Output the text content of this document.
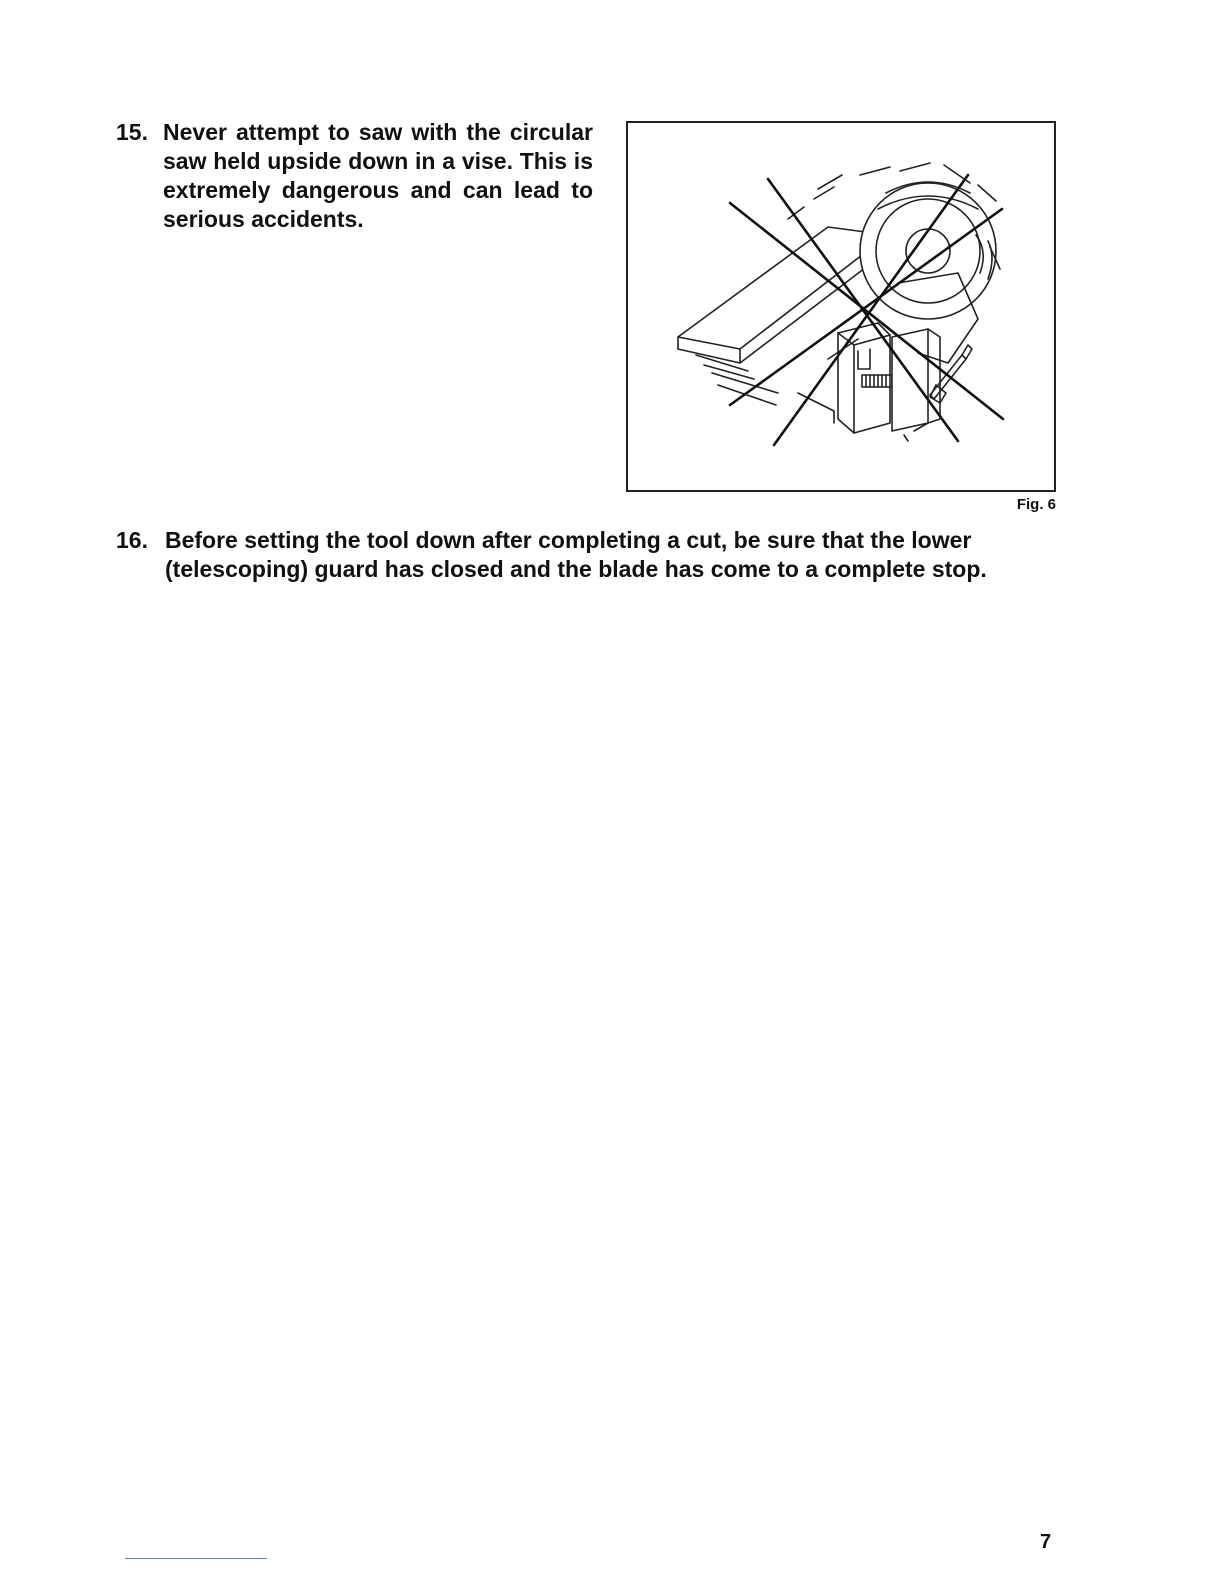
15. Never attempt to saw with the circular saw held upside down in a vise. This is extremely dangerous and can lead to serious accidents.
Fig. 6
16. Before setting the tool down after completing a cut, be sure that the lower (telescoping) guard has closed and the blade has come to a complete stop.
7
